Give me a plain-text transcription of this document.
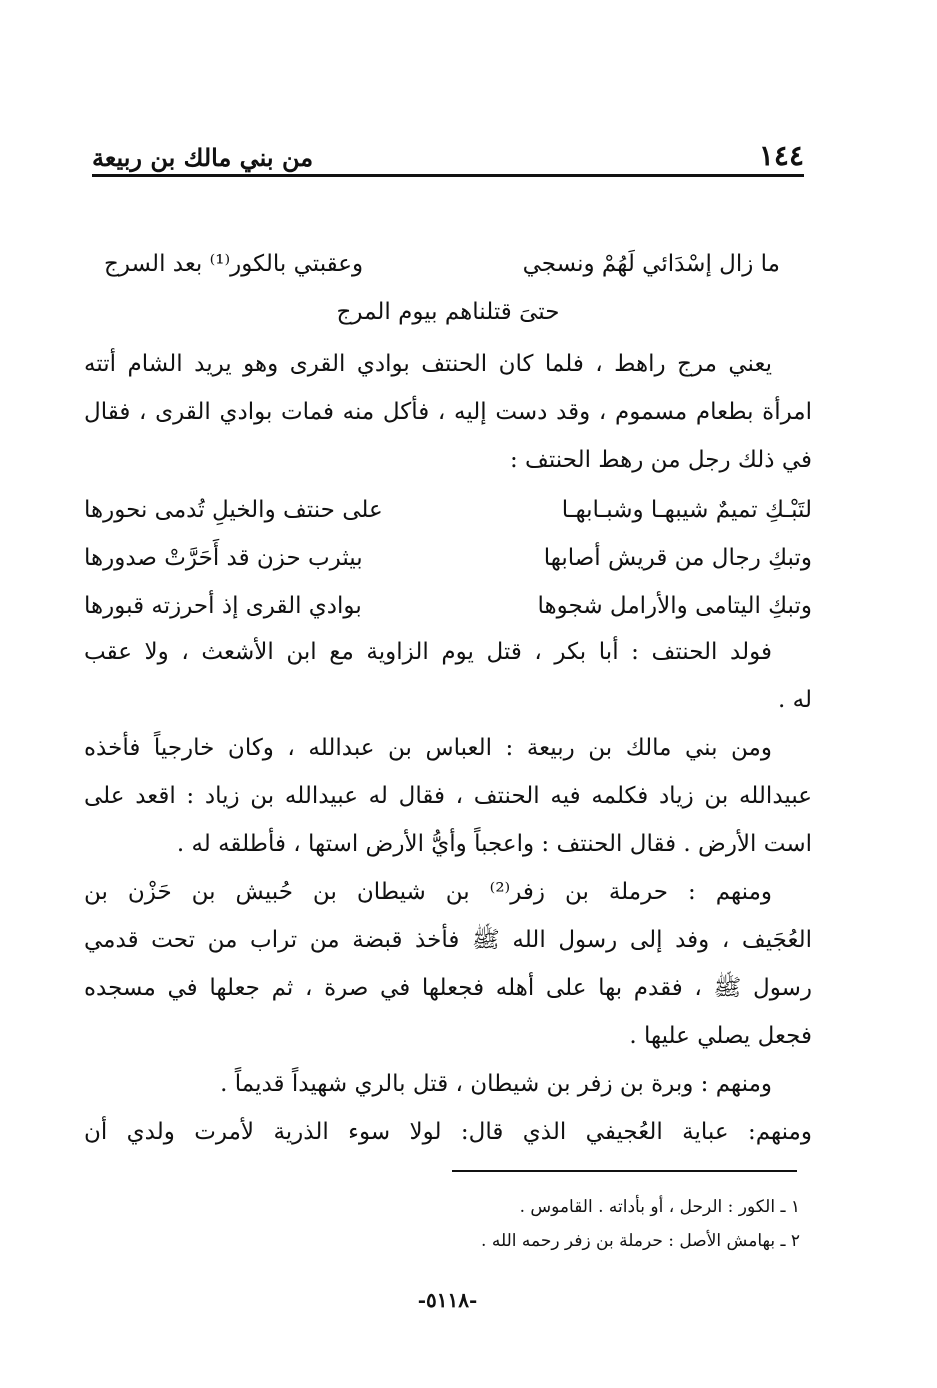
١٤٤
من بني مالك بن ربيعة
ما زال إسْدَائي لَهُمْ ونسجي
وعقبتي بالكور⁽¹⁾ بعد السرج
حتىَ قتلناهم بيوم المرج
يعني مرج راهط ، فلما كان الحنتف بوادي القرى وهو يريد الشام أتته
امرأة بطعام مسموم ، وقد دست إليه ، فأكل منه فمات بوادي القرى ، فقال
في ذلك رجل من رهط الحنتف :
لتَبْـكِ تميمٌ شيبهـا وشبـابهـا
على حنتف والخيلِ تُدمى نحورها
وتبكِ رجال من قريش أصابها
بيثرب حزن قد أَحَرَّتْ صدورها
وتبكِ اليتامى والأرامل شجوها
بوادي القرى إذ أحرزته قبورها
فولد الحنتف : أبا بكر ، قتل يوم الزاوية مع ابن الأشعث ، ولا عقب
له .
ومن بني مالك بن ربيعة : العباس بن عبدالله ، وكان خارجياً فأخذه
عبيدالله بن زياد فكلمه فيه الحنتف ، فقال له عبيدالله بن زياد : اقعد على
است الأرض . فقال الحنتف : واعجباً وأيُّ الأرض استها ، فأطلقه له .
ومنهم : حرملة بن زفر⁽²⁾ بن شيطان بن حُبيش بن حَزْن بن
العُجَيف ، وفد إلى رسول الله ﷺ فأخذ قبضة من تراب من تحت قدمي
رسول ﷺ ، فقدم بها على أهله فجعلها في صرة ، ثم جعلها في مسجده
فجعل يصلي عليها .
ومنهم : وبرة بن زفر بن شيطان ، قتل بالري شهيداً قديماً .
ومنهم: عباية العُجيفي الذي قال: لولا سوء الذرية لأمرت ولدي أن
١ ـ الكور : الرحل ، أو بأداته . القاموس .
٢ ـ بهامش الأصل : حرملة بن زفر رحمه الله .
-٥١١٨-
